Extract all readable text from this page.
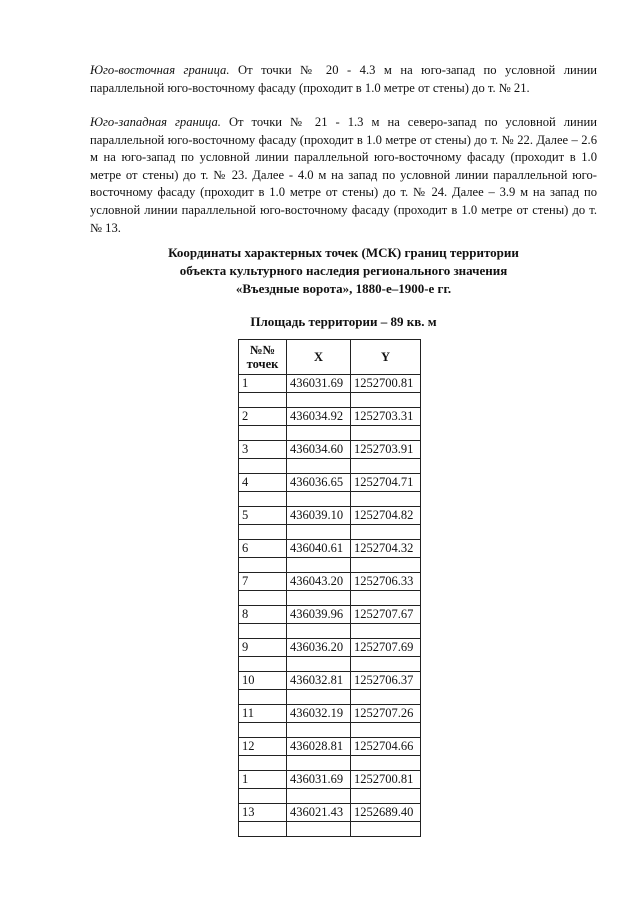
Юго-восточная граница. От точки № 20 - 4.3 м на юго-запад по условной линии параллельной юго-восточному фасаду (проходит в 1.0 метре от стены) до т. № 21.

Юго-западная граница. От точки № 21 - 1.3 м на северо-запад по условной линии параллельной юго-восточному фасаду (проходит в 1.0 метре от стены) до т. № 22. Далее – 2.6 м на юго-запад по условной линии параллельной юго-восточному фасаду (проходит в 1.0 метре от стены) до т. № 23. Далее - 4.0 м на запад по условной линии параллельной юго-восточному фасаду (проходит в 1.0 метре от стены) до т. № 24. Далее – 3.9 м на запад по условной линии параллельной юго-восточному фасаду (проходит в 1.0 метре от стены) до т. № 13.

Координаты характерных точек (МСК) границ территории

объекта культурного наследия регионального значения

«Въездные ворота», 1880-е–1900-е гг.

Площадь территории – 89 кв. м

№№
точек	X	Y
1	436031.69	1252700.81

2	436034.92	1252703.31

3	436034.60	1252703.91

4	436036.65	1252704.71

5	436039.10	1252704.82

6	436040.61	1252704.32

7	436043.20	1252706.33

8	436039.96	1252707.67

9	436036.20	1252707.69

10	436032.81	1252706.37

11	436032.19	1252707.26

12	436028.81	1252704.66

1	436031.69	1252700.81

13	436021.43	1252689.40
